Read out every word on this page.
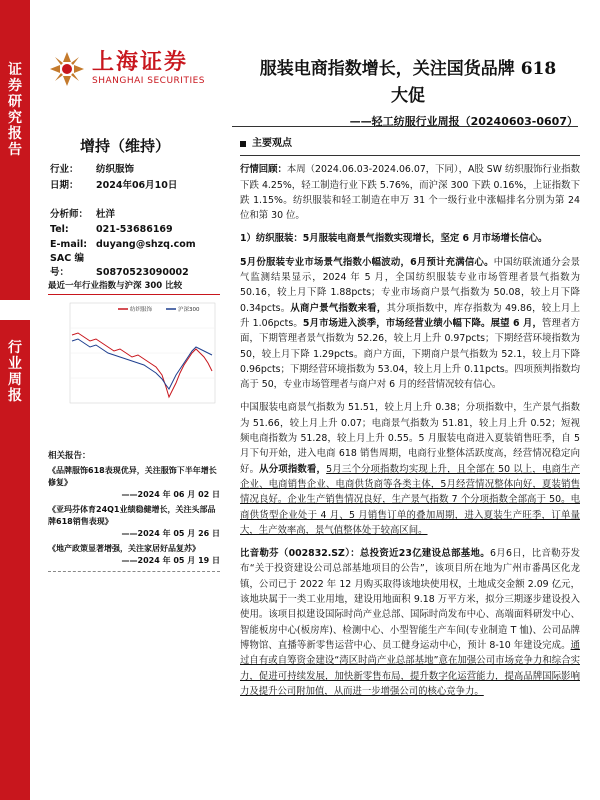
证券研究报告
行业周报
上海证券
SHANGHAI SECURITIES
服装电商指数增长，关注国货品牌 618
大促
——轻工纺服行业周报（20240603-0607）
增持（维持）
行业： 纺织服饰
日期： 2024年06月10日
分析师： 杜洋
Tel:	021-53686169
E-mail: duyang@shzq.com
SAC 编号：	S0870523090002
最近一年行业指数与沪深 300 比较
纺织服饰	沪深300
相关报告：
《品牌服饰618表现优异，关注服饰下半年增长修复》
——2024 年 06 月 02 日
《亚玛芬体育24Q1业绩稳健增长，关注头部品牌618销售表现》
——2024 年 05 月 26 日
《地产政策显著增强，关注家居好品复苏》
——2024 年 05 月 19 日
主要观点

行情回顾：本周（2024.06.03-2024.06.07，下同），A股 SW 纺织服饰行业指数下跌 4.25%，轻工制造行业下跌 5.76%，而沪深 300 下跌 0.16%，上证指数下跌 1.15%。纺织服装和轻工制造在申万 31 个一级行业中涨幅排名分别为第 24 位和第 30 位。

1）纺织服装：5月服装电商景气指数实现增长，坚定 6 月市场增长信心。

5月份服装专业市场景气指数小幅波动，6月预计充满信心。中国纺联流通分会景气监测结果显示，2024 年 5 月，全国纺织服装专业市场管理者景气指数为 50.16，较上月下降 1.88pcts；专业市场商户景气指数为 50.08，较上月下降 0.34pcts。从商户景气指数来看，其分项指数中，库存指数为 49.86，较上月上升 1.06pcts。5月市场进入淡季，市场经营业绩小幅下降。展望 6 月，管理者方面，下期管理者景气指数为 52.26，较上月上升 0.97pcts；下期经营环境指数为 50，较上月下降 1.29pcts。商户方面，下期商户景气指数为 52.1，较上月下降 0.96pcts；下期经营环境指数为 53.04，较上月上升 0.11pcts。四项预判指数均高于 50，专业市场管理者与商户对 6 月的经营情况较有信心。

中国服装电商景气指数为 51.51，较上月上升 0.38；分项指数中，生产景气指数为 51.66，较上月上升 0.07；电商景气指数为 51.81，较上月上升 0.52；短视频电商指数为 51.28，较上月上升 0.55。5 月服装电商进入夏装销售旺季，自 5 月下旬开始，进入电商 618 销售周期，电商行业整体活跃度高，经营情况稳定向好。从分项指数看，5月三个分项指数均实现上升，且全部在 50 以上，电商生产企业、电商销售企业、电商供货商等各类主体，5月经营情况整体向好，夏装销售情况良好。企业生产销售情况良好，生产景气指数 7 个分项指数全部高于 50。电商供货型企业处于 4 月、5 月销售订单的叠加周期，进入夏装生产旺季，订单量大，生产效率高，景气值整体处于较高区间。

比音勒芬（002832.SZ）：总投资近23亿建设总部基地。6月6日，比音勒芬发布“关于投资建设公司总部基地项目的公告”，该项目所在地为广州市番禺区化龙镇，公司已于 2022 年 12 月购买取得该地块使用权，土地成交金额 2.09 亿元，该地块属于一类工业用地，建设用地面积 9.18 万平方米，拟分三期逐步建设投入使用。该项目拟建设国际时尚产业总部、国际时尚发布中心、高端面料研发中心、智能板房中心(板房库)、检测中心、小型智能生产车间(专业制造 T 恤)、公司品牌博物馆、直播等新零售运营中心、员工健身运动中心，预计 8-10 年建设完成。通过自有或自筹资金建设“湾区时尚产业总部基地”意在加强公司市场竞争力和综合实力，促进可持续发展，加快新零售布局，提升数字化运营能力，提高品牌国际影响力及提升公司附加值，从而进一步增强公司的核心竞争力。
